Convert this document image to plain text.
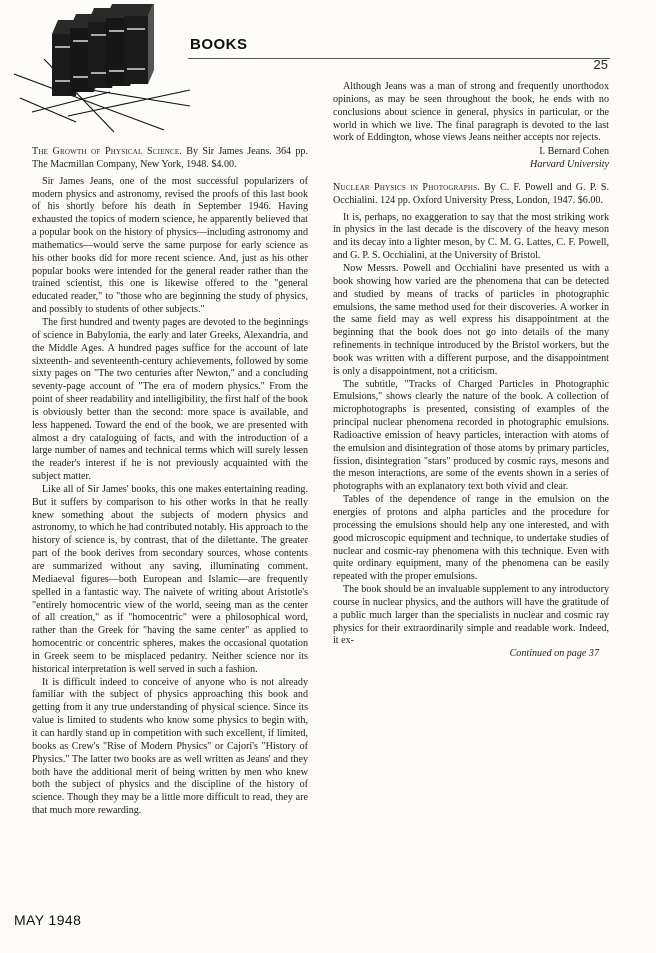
BOOKS
25

The Growth of Physical Science. By Sir James Jeans. 364 pp. The Macmillan Company, New York, 1948. $4.00.

Sir James Jeans, one of the most successful popularizers of modern physics and astronomy, revised the proofs of this last book of his shortly before his death in September 1946. Having exhausted the topics of modern science, he apparently believed that a popular book on the history of physics—including astronomy and mathematics—would serve the same purpose for early science as his other books did for more recent science. And, just as his other popular books were intended for the general reader rather than the trained scientist, this one is likewise offered to the "general educated reader," to "those who are beginning the study of physics, and possibly to students of other subjects."

The first hundred and twenty pages are devoted to the beginnings of science in Babylonia, the early and later Greeks, Alexandria, and the Middle Ages. A hundred pages suffice for the account of late sixteenth- and seventeenth-century achievements, followed by some sixty pages on "The two centuries after Newton," and a concluding seventy-page account of "The era of modern physics." From the point of sheer readability and intelligibility, the first half of the book is obviously better than the second: more space is available, and less happened. Toward the end of the book, we are presented with almost a dry cataloguing of facts, and with the introduction of a large number of names and technical terms which will surely lessen the reader's interest if he is not previously acquainted with the subject matter.

Like all of Sir James' books, this one makes entertaining reading. But it suffers by comparison to his other works in that he really knew something about the subjects of modern physics and astronomy, to which he had contributed notably. His approach to the history of science is, by contrast, that of the dilettante. The greater part of the book derives from secondary sources, whose contents are summarized without any saving, illuminating comment. Mediaeval figures—both European and Islamic—are frequently spelled in a fantastic way. The naivete of writing about Aristotle's "entirely homocentric view of the world, seeing man as the center of all creation," as if "homocentric" were a philosophical word, rather than the Greek for "having the same center" as applied to homocentric or concentric spheres, makes the occasional quotation in Greek seem to be misplaced pedantry. Neither science nor its historical interpretation is well served in such a fashion.

It is difficult indeed to conceive of anyone who is not already familiar with the subject of physics approaching this book and getting from it any true understanding of physical science. Since its value is limited to students who know some physics to begin with, it can hardly stand up in competition with such excellent, if limited, books as Crew's "Rise of Modern Physics" or Cajori's "History of Physics." The latter two books are as well written as Jeans' and they both have the additional merit of being written by men who knew both the subject of physics and the discipline of the history of science. Though they may be a little more difficult to read, they are that much more rewarding.

Although Jeans was a man of strong and frequently unorthodox opinions, as may be seen throughout the book, he ends with no conclusions about science in general, physics in particular, or the world in which we live. The final paragraph is devoted to the last work of Eddington, whose views Jeans neither accepts nor rejects.

I. Bernard Cohen
Harvard University

Nuclear Physics in Photographs. By C. F. Powell and G. P. S. Occhialini. 124 pp. Oxford University Press, London, 1947. $6.00.

It is, perhaps, no exaggeration to say that the most striking work in physics in the last decade is the discovery of the heavy meson and its decay into a lighter meson, by C. M. G. Lattes, C. F. Powell, and G. P. S. Occhialini, at the University of Bristol.

Now Messrs. Powell and Occhialini have presented us with a book showing how varied are the phenomena that can be detected and studied by means of tracks of particles in photographic emulsions, the same method used for their discoveries. A worker in the same field may as well express his disappointment at the beginning that the book does not go into details of the many refinements in technique introduced by the Bristol workers, but the book was written with a different purpose, and the disappointment is only a disappointment, not a criticism.

The subtitle, "Tracks of Charged Particles in Photographic Emulsions," shows clearly the nature of the book. A collection of microphotographs is presented, consisting of examples of the principal nuclear phenomena recorded in photographic emulsions. Radioactive emission of heavy particles, interaction with atoms of the emulsion and disintegration of those atoms by primary particles, fission, disintegration "stars" produced by cosmic rays, mesons and the meson interactions, are some of the events shown in a series of photographs with an explanatory text both vivid and clear.

Tables of the dependence of range in the emulsion on the energies of protons and alpha particles and the procedure for processing the emulsions should help any one interested, and with good microscopic equipment and technique, to undertake studies of nuclear and cosmic-ray phenomena with this technique. Even with quite ordinary equipment, many of the phenomena can be easily repeated with the proper emulsions.

The book should be an invaluable supplement to any introductory course in nuclear physics, and the authors will have the gratitude of a public much larger than the specialists in nuclear and cosmic ray physics for their extraordinarily simple and readable work. Indeed, it ex-

Continued on page 37

MAY 1948
